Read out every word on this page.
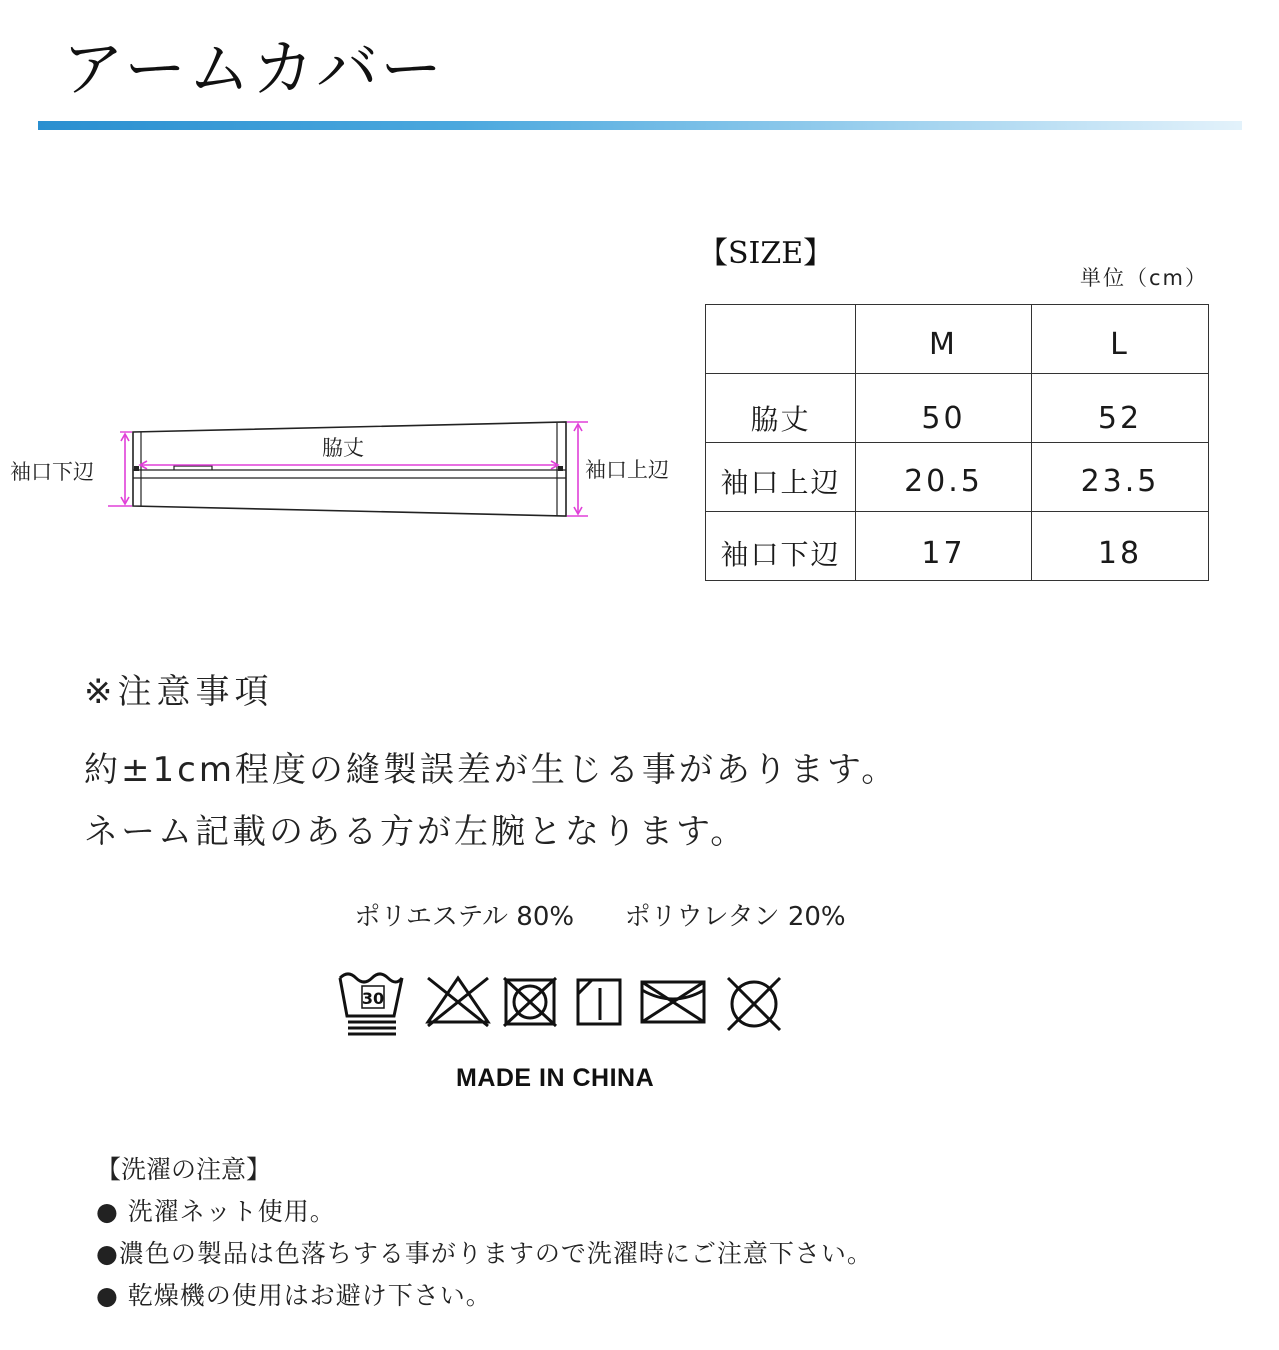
アームカバー
脇丈
袖口下辺	袖口上辺
【SIZE】
単位（cm）
	M	L
脇丈	50	52
袖口上辺	20.5	23.5
袖口下辺	17	18
※注意事項
約±1cm程度の縫製誤差が生じる事があります。
ネーム記載のある方が左腕となります。
ポリエステル 80% ポリウレタン 20%
30
MADE IN CHINA
【洗濯の注意】
● 洗濯ネット使用。
●濃色の製品は色落ちする事がりますので洗濯時にご注意下さい。
● 乾燥機の使用はお避け下さい。
